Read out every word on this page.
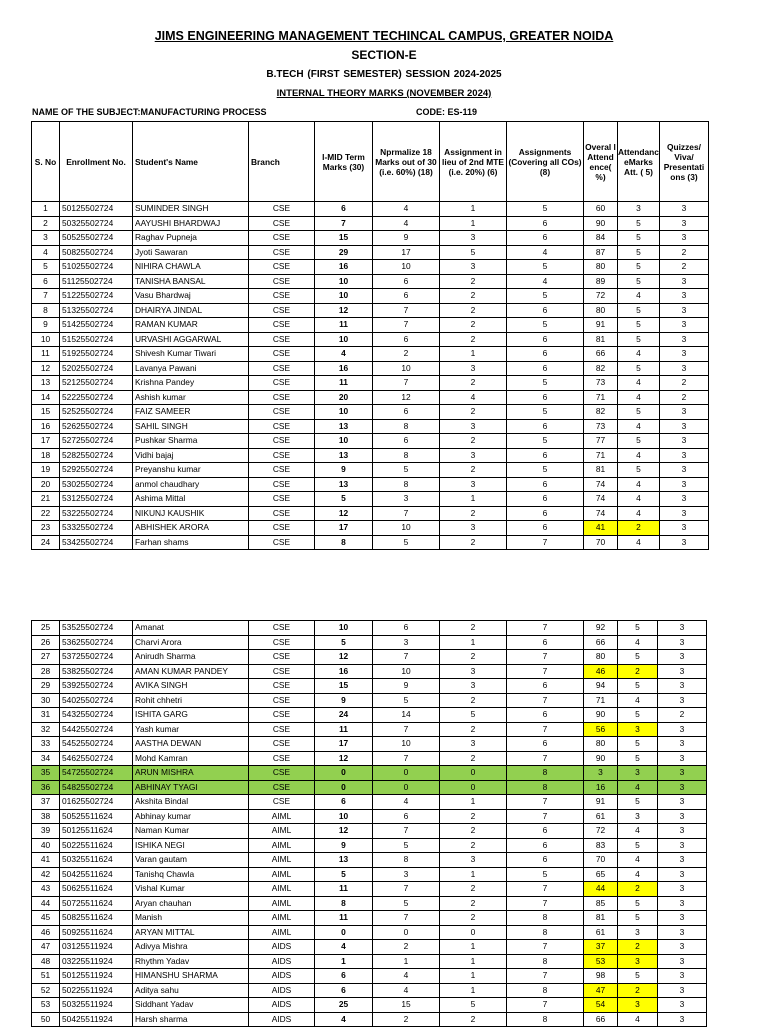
JIMS ENGINEERING MANAGEMENT TECHINCAL CAMPUS, GREATER NOIDA
SECTION-E
B.TECH (FIRST SEMESTER) SESSION 2024-2025
INTERNAL THEORY MARKS (NOVEMBER 2024)
NAME OF THE SUBJECT:MANUFACTURING PROCESS	CODE: ES-119
S. No	Enrollment No.	Student's Name	Branch	I-MID Term Marks (30)	Nprmalize 18 Marks out of 30 (i.e. 60%) (18)	Assignment in lieu of 2nd MTE (i.e. 20%) (6)	Assignments (Covering all COs) (8)	Overal l Attend ence( %)	Attendanc eMarks Att. ( 5)	Quizzes/ Viva/ Presentati ons (3)
1	50125502724	SUMINDER SINGH	CSE	6	4	1	5	60	3	3
2	50325502724	AAYUSHI BHARDWAJ	CSE	7	4	1	6	90	5	3
3	50525502724	Raghav Pupneja	CSE	15	9	3	6	84	5	3
4	50825502724	Jyoti Sawaran	CSE	29	17	5	4	87	5	2
5	51025502724	NIHIRA CHAWLA	CSE	16	10	3	5	80	5	2
6	51125502724	TANISHA BANSAL	CSE	10	6	2	4	89	5	3
7	51225502724	Vasu Bhardwaj	CSE	10	6	2	5	72	4	3
8	51325502724	DHAIRYA JINDAL	CSE	12	7	2	6	80	5	3
9	51425502724	RAMAN KUMAR	CSE	11	7	2	5	91	5	3
10	51525502724	URVASHI AGGARWAL	CSE	10	6	2	6	81	5	3
11	51925502724	Shivesh Kumar Tiwari	CSE	4	2	1	6	66	4	3
12	52025502724	Lavanya Pawani	CSE	16	10	3	6	82	5	3
13	52125502724	Krishna Pandey	CSE	11	7	2	5	73	4	2
14	52225502724	Ashish kumar	CSE	20	12	4	6	71	4	2
15	52525502724	FAIZ SAMEER	CSE	10	6	2	5	82	5	3
16	52625502724	SAHIL SINGH	CSE	13	8	3	6	73	4	3
17	52725502724	Pushkar Sharma	CSE	10	6	2	5	77	5	3
18	52825502724	Vidhi bajaj	CSE	13	8	3	6	71	4	3
19	52925502724	Preyanshu kumar	CSE	9	5	2	5	81	5	3
20	53025502724	anmol chaudhary	CSE	13	8	3	6	74	4	3
21	53125502724	Ashima Mittal	CSE	5	3	1	6	74	4	3
22	53225502724	NIKUNJ KAUSHIK	CSE	12	7	2	6	74	4	3
23	53325502724	ABHISHEK ARORA	CSE	17	10	3	6	41	2	3
24	53425502724	Farhan shams	CSE	8	5	2	7	70	4	3
25	53525502724	Amanat	CSE	10	6	2	7	92	5	3
26	53625502724	Charvi Arora	CSE	5	3	1	6	66	4	3
27	53725502724	Anirudh Sharma	CSE	12	7	2	7	80	5	3
28	53825502724	AMAN KUMAR PANDEY	CSE	16	10	3	7	46	2	3
29	53925502724	AVIKA SINGH	CSE	15	9	3	6	94	5	3
30	54025502724	Rohit chhetri	CSE	9	5	2	7	71	4	3
31	54325502724	ISHITA GARG	CSE	24	14	5	6	90	5	2
32	54425502724	Yash kumar	CSE	11	7	2	7	56	3	3
33	54525502724	AASTHA DEWAN	CSE	17	10	3	6	80	5	3
34	54625502724	Mohd Kamran	CSE	12	7	2	7	90	5	3
35	54725502724	ARUN MISHRA	CSE	0	0	0	8	3	3	3
36	54825502724	ABHINAY TYAGI	CSE	0	0	0	8	16	4	3
37	01625502724	Akshita Bindal	CSE	6	4	1	7	91	5	3
38	50525511624	Abhinay kumar	AIML	10	6	2	7	61	3	3
39	50125511624	Naman Kumar	AIML	12	7	2	6	72	4	3
40	50225511624	ISHIKA NEGI	AIML	9	5	2	6	83	5	3
41	50325511624	Varan gautam	AIML	13	8	3	6	70	4	3
42	50425511624	Tanishq Chawla	AIML	5	3	1	5	65	4	3
43	50625511624	Vishal Kumar	AIML	11	7	2	7	44	2	3
44	50725511624	Aryan chauhan	AIML	8	5	2	7	85	5	3
45	50825511624	Manish	AIML	11	7	2	8	81	5	3
46	50925511624	ARYAN MITTAL	AIML	0	0	0	8	61	3	3
47	03125511924	Adivya Mishra	AIDS	4	2	1	7	37	2	3
48	03225511924	Rhythm Yadav	AIDS	1	1	1	8	53	3	3
51	50125511924	HIMANSHU SHARMA	AIDS	6	4	1	7	98	5	3
52	50225511924	Aditya sahu	AIDS	6	4	1	8	47	2	3
53	50325511924	Siddhant Yadav	AIDS	25	15	5	7	54	3	3
50	50425511924	Harsh sharma	AIDS	4	2	2	8	66	4	3
